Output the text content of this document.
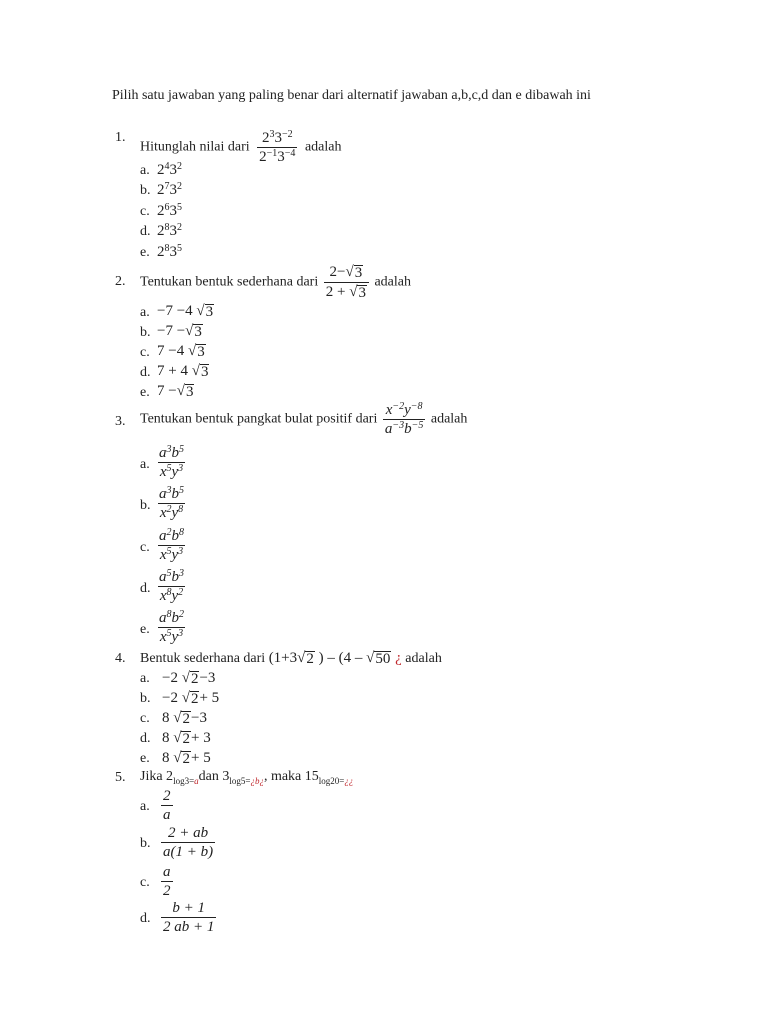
Pilih satu jawaban yang paling benar dari alternatif jawaban a,b,c,d dan e dibawah ini
1.
Hitunglah nilai dari $\frac{2^33^{-2}}{2^{-1}3^{-4}}$ adalah
a. $2^43^2$
b. $2^73^2$
c. $2^63^5$
d. $2^83^2$
e. $2^83^5$
2. Tentukan bentuk sederhana dari $\frac{2- √ 3}{2 + √ 3}$ adalah
a. −7 −4 √ 3
b. −7 − √ 3
c. 7 −4 √ 3
d. 7 + 4 √ 3
e. 7 − √ 3
3. Tentukan bentuk pangkat bulat positif dari $\frac{x^{-2}y^{-8}}{a^{-3}b^{-5}}$ adalah
a. $\frac{a^3b^5}{x^5y^3}$
b. $\frac{a^3b^5}{x^2y^8}$
c. $\frac{a^2b^8}{x^5y^3}$
d. $\frac{a^5b^3}{x^8y^2}$
e. $\frac{a^8b^2}{x^5y^3}$
4. Bentuk sederhana dari (1+3 √ 2 ) – (4 – √ 50 ¿ adalah
a. −2 √ 2 −3
b. −2 √ 2 + 5
c. 8 √ 2 −3
d. 8 √ 2 + 3
e. 8 √ 2 + 5
5. Jika $2_{log3=a}dan$ $3_{log5=¿b¿}$, maka $15_{log20=¿¿}$
a. $\frac{2}{a}$
b. $\frac{2 + ab}{a(1 + b)}$
c. $\frac{a}{2}$
d. $\frac{b + 1}{2 ab + 1}$
